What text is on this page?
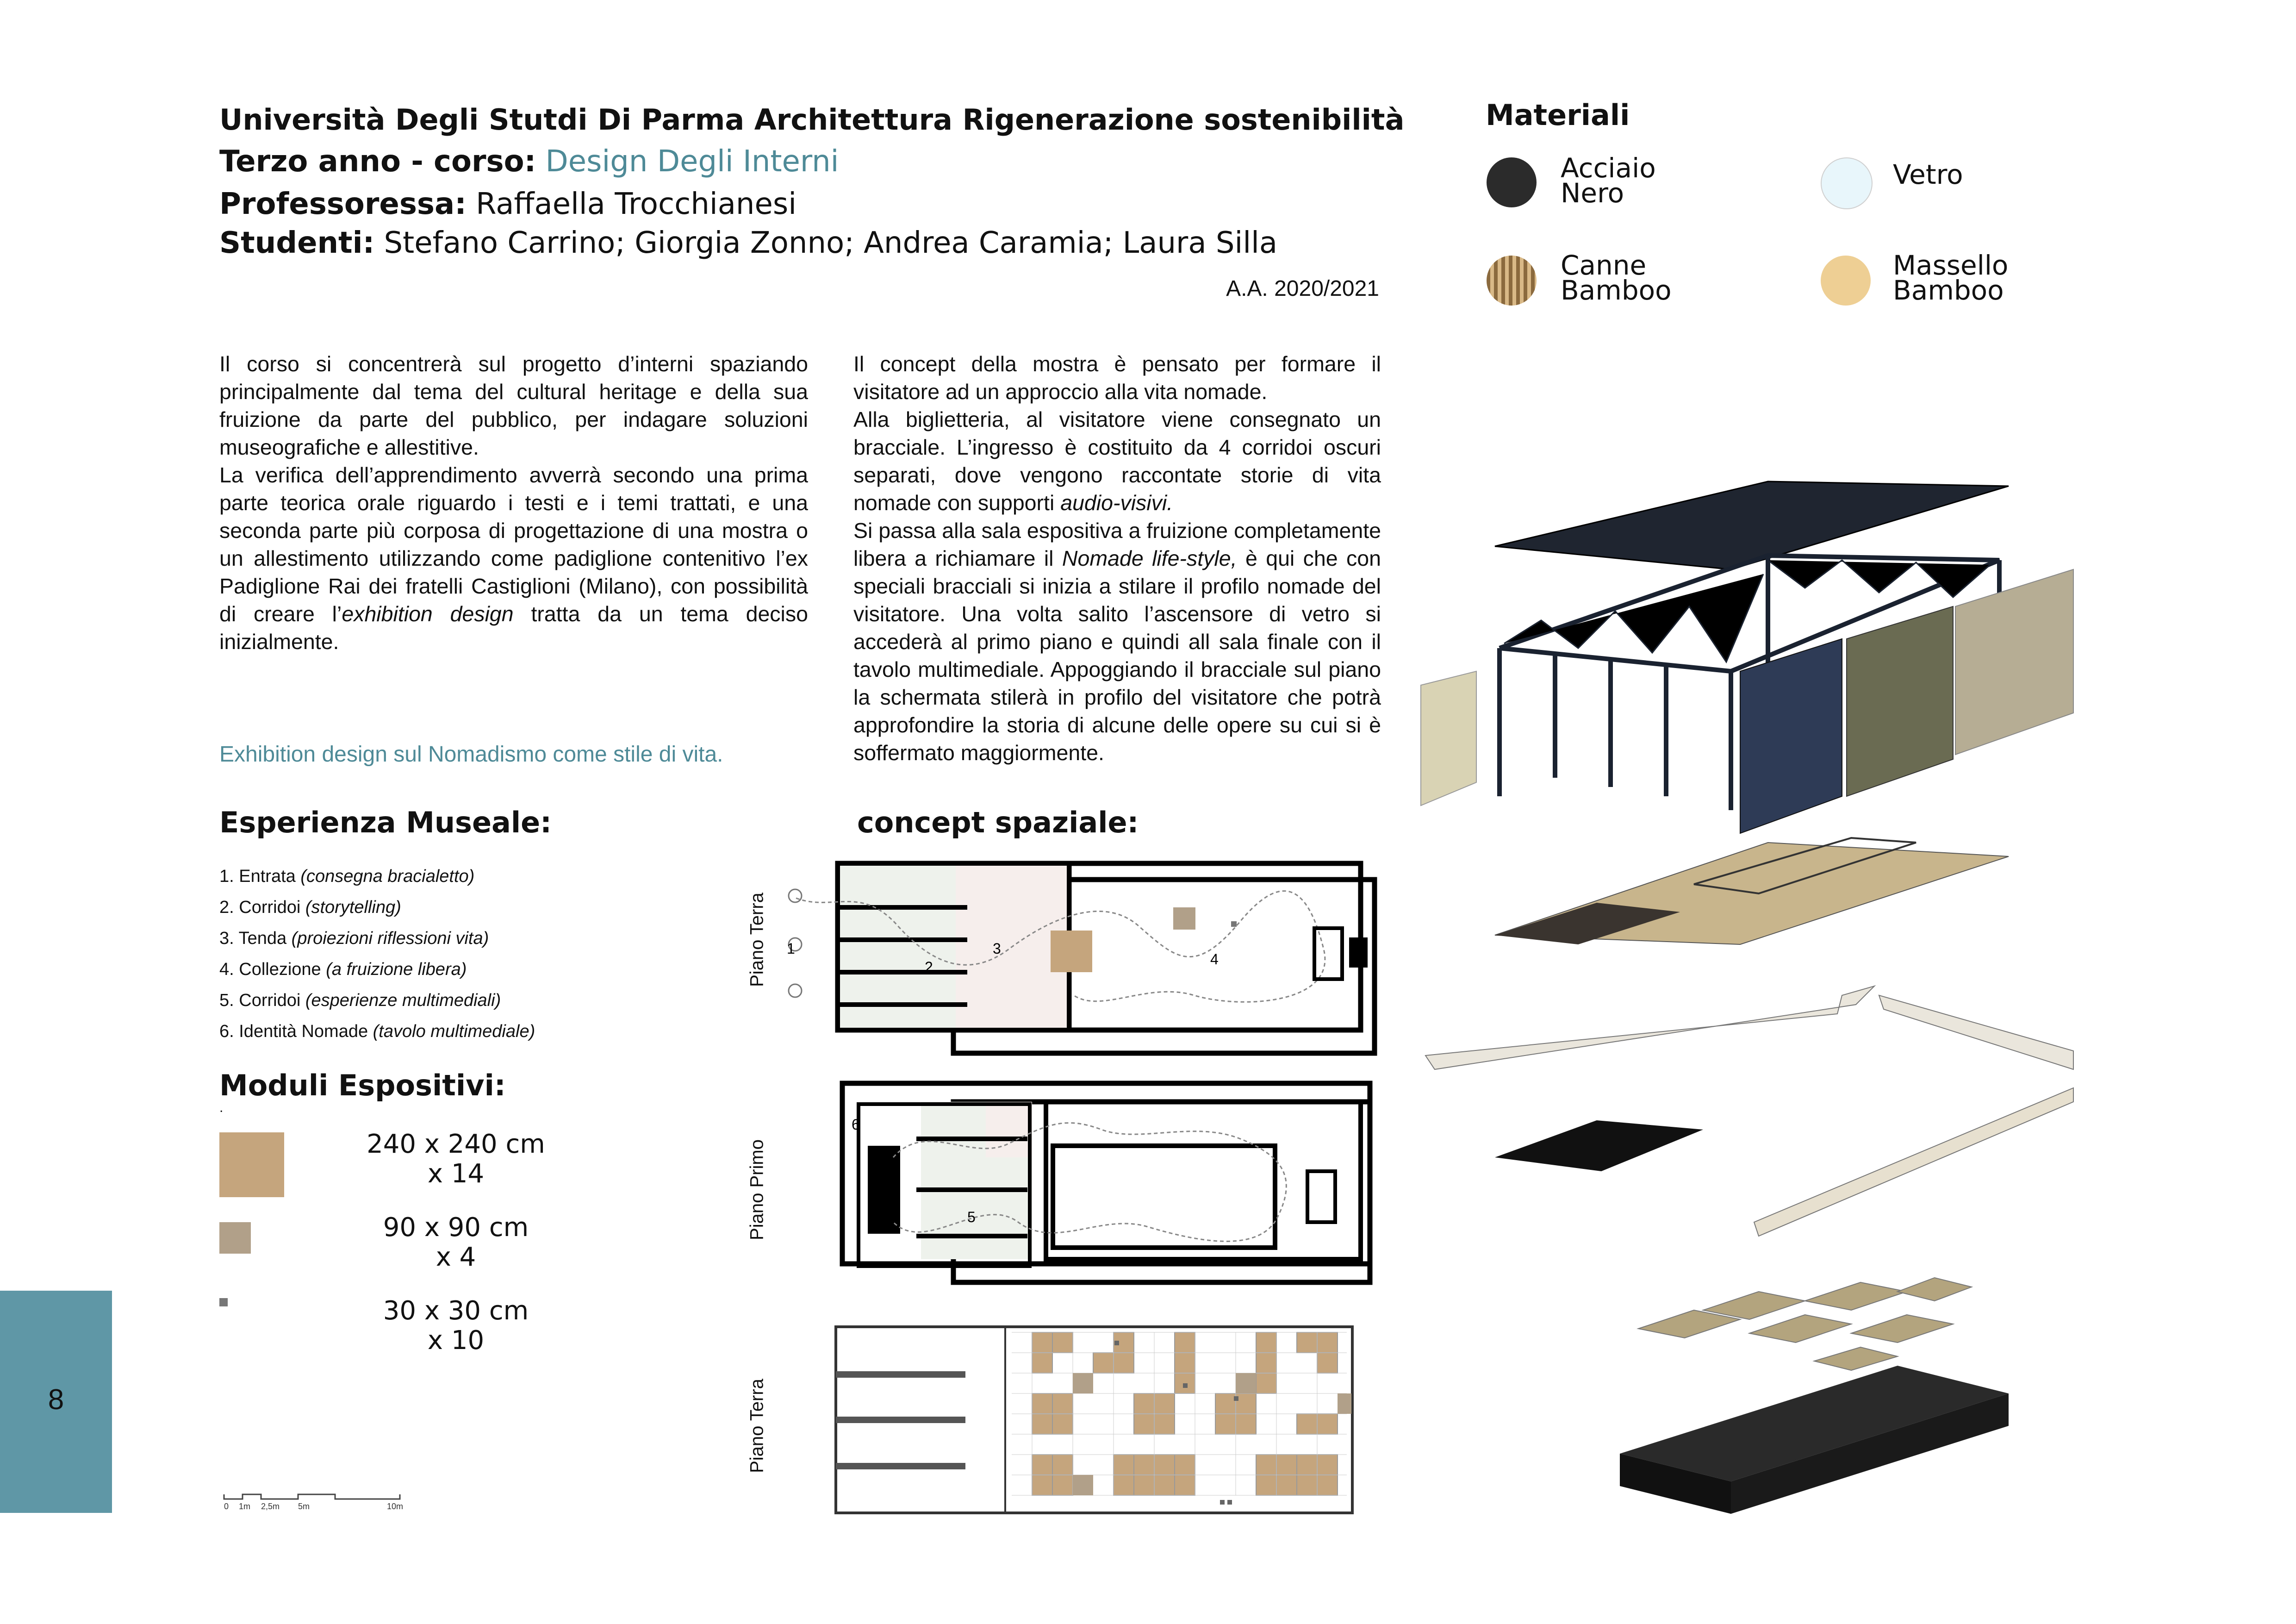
Università Degli Stutdi Di Parma Architettura Rigenerazione sostenibilità
Terzo anno - corso: Design Degli Interni
Professoressa: Raffaella Trocchianesi
Studenti: Stefano Carrino; Giorgia Zonno; Andrea Caramia; Laura Silla
A.A. 2020/2021
Il corso si concentrerà sul progetto d’interni spaziando principalmente dal tema del cultural heritage e della sua fruizione da parte del pubblico, per indagare soluzioni museografiche e allestitive.
La verifica dell’apprendimento avverrà secondo una prima parte teorica orale riguardo i testi e i temi trattati, e una seconda parte più corposa di progettazione di una mostra o un allestimento utilizzando come padiglione contenitivo l’ex Padiglione Rai dei fratelli Castiglioni (Milano), con possibilità di creare l’exhibition design tratta da un tema deciso inizialmente.
Il concept della mostra è pensato per formare il visitatore ad un approccio alla vita nomade.
Alla biglietteria, al visitatore viene consegnato un bracciale. L’ingresso è costituito da 4 corridoi oscuri separati, dove vengono raccontate storie di vita nomade con supporti audio-visivi.
Si passa alla sala espositiva a fruizione completamente libera a richiamare il Nomade life-style, è qui che con speciali bracciali si inizia a stilare il profilo nomade del visitatore. Una volta salito l’ascensore di vetro si accederà al primo piano e quindi all sala finale con il tavolo multimediale. Appoggiando il bracciale sul piano la schermata stilerà in profilo del visitatore che potrà approfondire la storia di alcune delle opere su cui si è soffermato maggiormente.
Exhibition design sul Nomadismo come stile di vita.
Esperienza Museale:
1. Entrata (consegna bracialetto)
2. Corridoi (storytelling)
3. Tenda (proiezioni riflessioni vita)
4. Collezione (a fruizione libera)
5. Corridoi (esperienze multimediali)
6. Identità Nomade (tavolo multimediale)
Moduli Espositivi:
.
240 x 240 cm
x 14
90 x 90 cm
x 4
30 x 30 cm
x 10
0 1m 2,5m 5m	10m
concept spaziale:
Piano Terra 1
2
3
4
Piano Primo
6
5
Piano Terra
Materiali
Acciaio
Nero
Vetro
Canne
Bamboo
Massello
Bamboo
8
